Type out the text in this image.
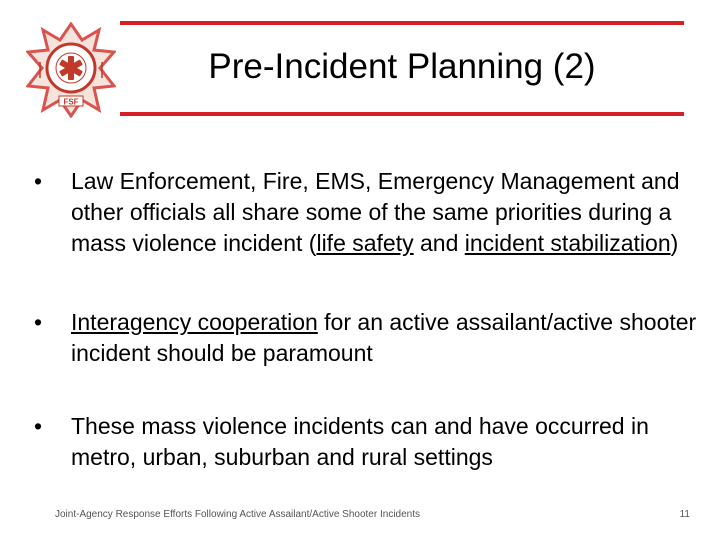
FSF
Pre-Incident Planning (2)
• Law Enforcement, Fire, EMS, Emergency Management and other officials all share some of the same priorities during a mass violence incident (life safety and incident stabilization)
• Interagency cooperation for an active assailant/active shooter incident should be paramount
• These mass violence incidents can and have occurred in metro, urban, suburban and rural settings
Joint-Agency Response Efforts Following Active Assailant/Active Shooter Incidents	11
